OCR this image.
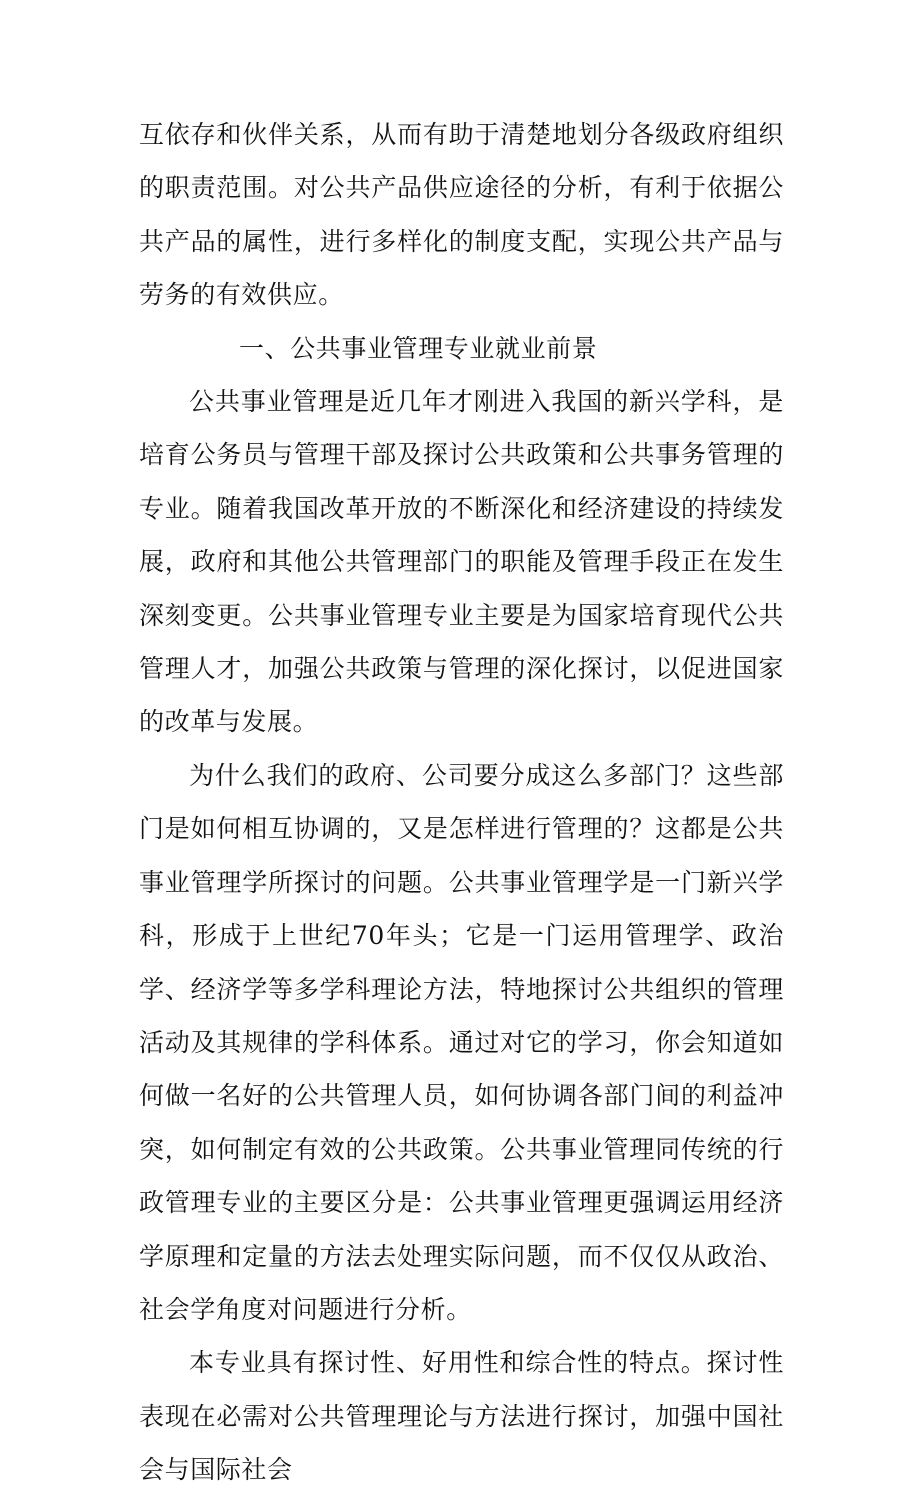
互依存和伙伴关系，从而有助于清楚地划分各级政府组织的职责范围。对公共产品供应途径的分析，有利于依据公共产品的属性，进行多样化的制度支配，实现公共产品与劳务的有效供应。

一、公共事业管理专业就业前景

公共事业管理是近几年才刚进入我国的新兴学科，是培育公务员与管理干部及探讨公共政策和公共事务管理的专业。随着我国改革开放的不断深化和经济建设的持续发展，政府和其他公共管理部门的职能及管理手段正在发生深刻变更。公共事业管理专业主要是为国家培育现代公共管理人才，加强公共政策与管理的深化探讨，以促进国家的改革与发展。

为什么我们的政府、公司要分成这么多部门？这些部门是如何相互协调的，又是怎样进行管理的？这都是公共事业管理学所探讨的问题。公共事业管理学是一门新兴学科，形成于上世纪70年头；它是一门运用管理学、政治学、经济学等多学科理论方法，特地探讨公共组织的管理活动及其规律的学科体系。通过对它的学习，你会知道如何做一名好的公共管理人员，如何协调各部门间的利益冲突，如何制定有效的公共政策。公共事业管理同传统的行政管理专业的主要区分是：公共事业管理更强调运用经济学原理和定量的方法去处理实际问题，而不仅仅从政治、社会学角度对问题进行分析。

本专业具有探讨性、好用性和综合性的特点。探讨性表现在必需对公共管理理论与方法进行探讨，加强中国社会与国际社会
